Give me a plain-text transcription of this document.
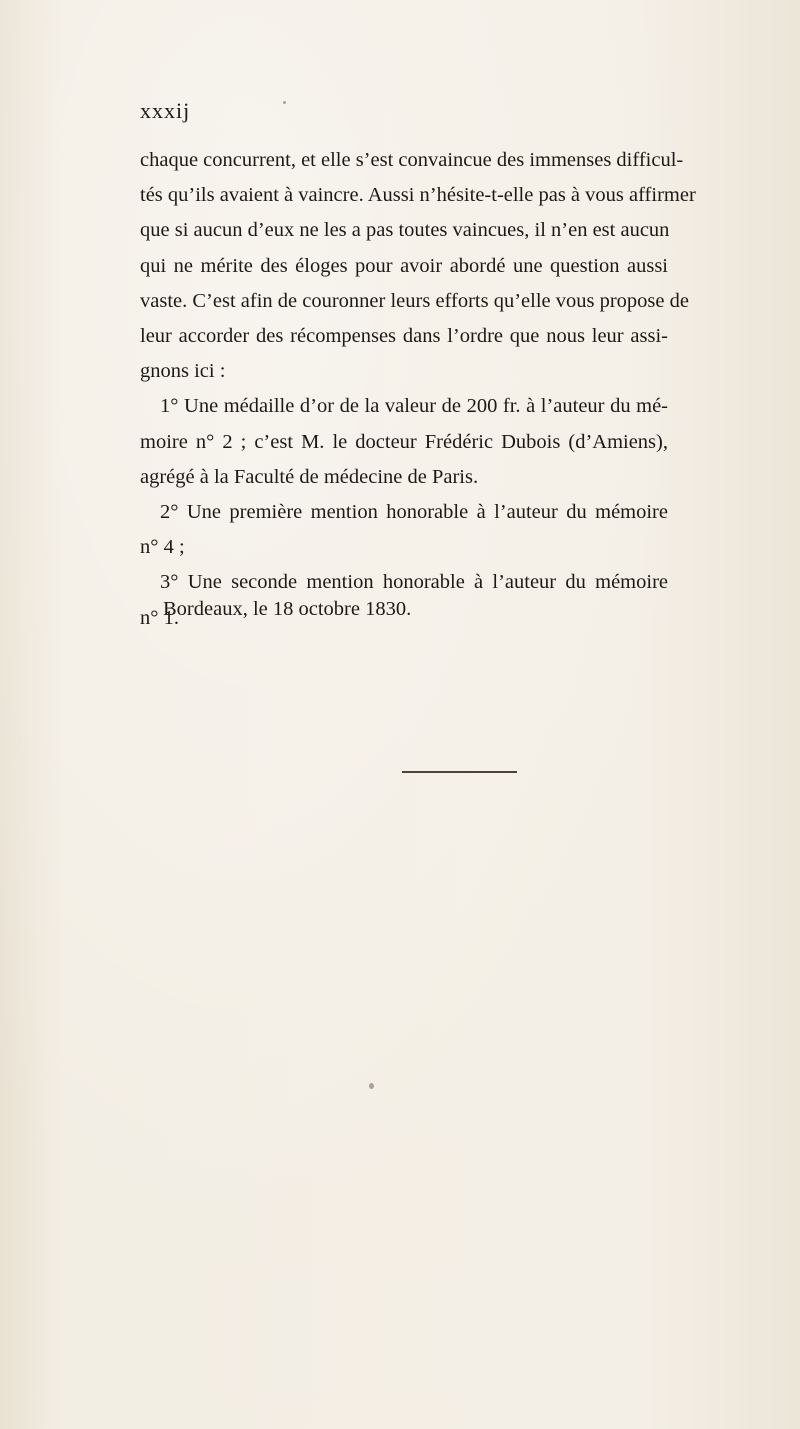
xxxij
chaque concurrent, et elle s’est convaincue des immenses difficul-
tés qu’ils avaient à vaincre. Aussi n’hésite-t-elle pas à vous affirmer
que si aucun d’eux ne les a pas toutes vaincues, il n’en est aucun
qui ne mérite des éloges pour avoir abordé une question aussi
vaste. C’est afin de couronner leurs efforts qu’elle vous propose de
leur accorder des récompenses dans l’ordre que nous leur assi-
gnons ici :
1° Une médaille d’or de la valeur de 200 fr. à l’auteur du mé-
moire n° 2 ; c’est M. le docteur Frédéric Dubois (d’Amiens),
agrégé à la Faculté de médecine de Paris.
2° Une première mention honorable à l’auteur du mémoire
n° 4 ;
3° Une seconde mention honorable à l’auteur du mémoire
n° 1.
Bordeaux, le 18 octobre 1830.
